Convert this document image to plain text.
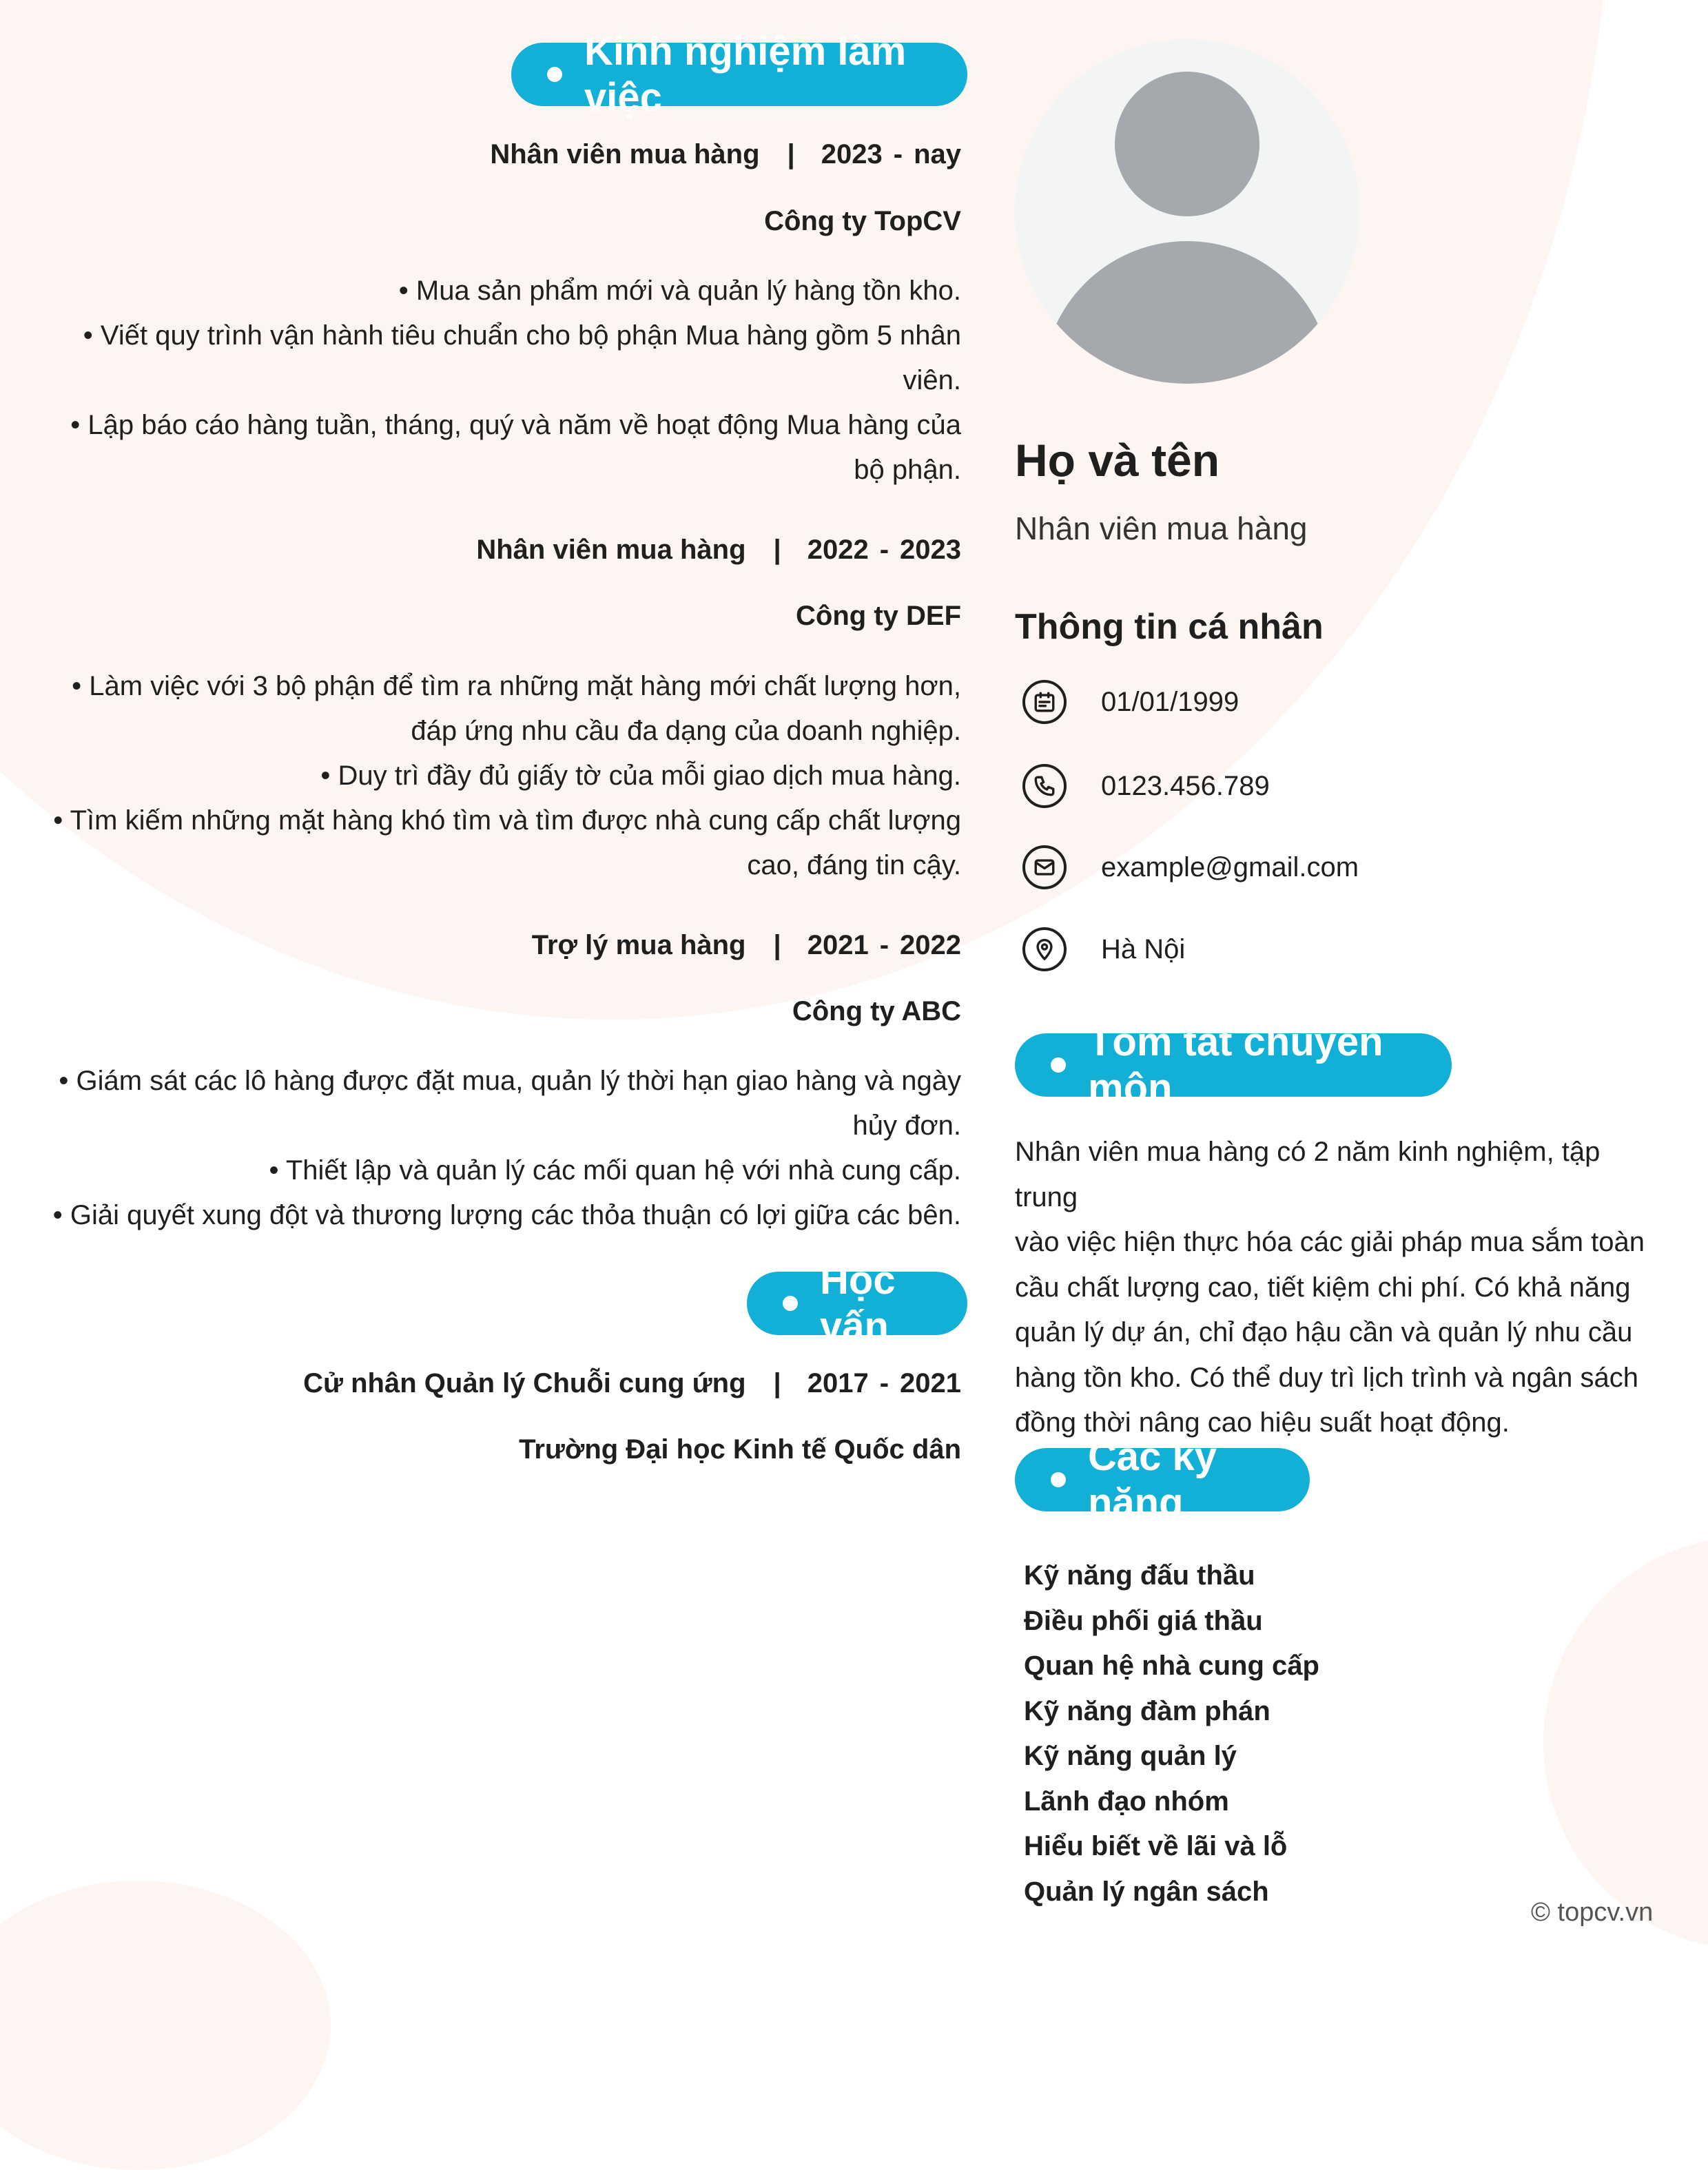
Kinh nghiệm làm việc
Nhân viên mua hàng | 2023 - nay
Công ty TopCV
• Mua sản phẩm mới và quản lý hàng tồn kho.
• Viết quy trình vận hành tiêu chuẩn cho bộ phận Mua hàng gồm 5 nhân
viên.
• Lập báo cáo hàng tuần, tháng, quý và năm về hoạt động Mua hàng của
bộ phận.
Nhân viên mua hàng | 2022 - 2023
Công ty DEF
• Làm việc với 3 bộ phận để tìm ra những mặt hàng mới chất lượng hơn,
đáp ứng nhu cầu đa dạng của doanh nghiệp.
• Duy trì đầy đủ giấy tờ của mỗi giao dịch mua hàng.
• Tìm kiếm những mặt hàng khó tìm và tìm được nhà cung cấp chất lượng
cao, đáng tin cậy.
Trợ lý mua hàng | 2021 - 2022
Công ty ABC
• Giám sát các lô hàng được đặt mua, quản lý thời hạn giao hàng và ngày
hủy đơn.
• Thiết lập và quản lý các mối quan hệ với nhà cung cấp.
• Giải quyết xung đột và thương lượng các thỏa thuận có lợi giữa các bên.
Học vấn
Cử nhân Quản lý Chuỗi cung ứng | 2017 - 2021
Trường Đại học Kinh tế Quốc dân
Họ và tên
Nhân viên mua hàng
Thông tin cá nhân
01/01/1999
0123.456.789
example@gmail.com
Hà Nội
Tóm tắt chuyên môn
Nhân viên mua hàng có 2 năm kinh nghiệm, tập trung
vào việc hiện thực hóa các giải pháp mua sắm toàn
cầu chất lượng cao, tiết kiệm chi phí. Có khả năng
quản lý dự án, chỉ đạo hậu cần và quản lý nhu cầu
hàng tồn kho. Có thể duy trì lịch trình và ngân sách
đồng thời nâng cao hiệu suất hoạt động.
Các kỹ năng
Kỹ năng đấu thầu
Điều phối giá thầu
Quan hệ nhà cung cấp
Kỹ năng đàm phán
Kỹ năng quản lý
Lãnh đạo nhóm
Hiểu biết về lãi và lỗ
Quản lý ngân sách
© topcv.vn
